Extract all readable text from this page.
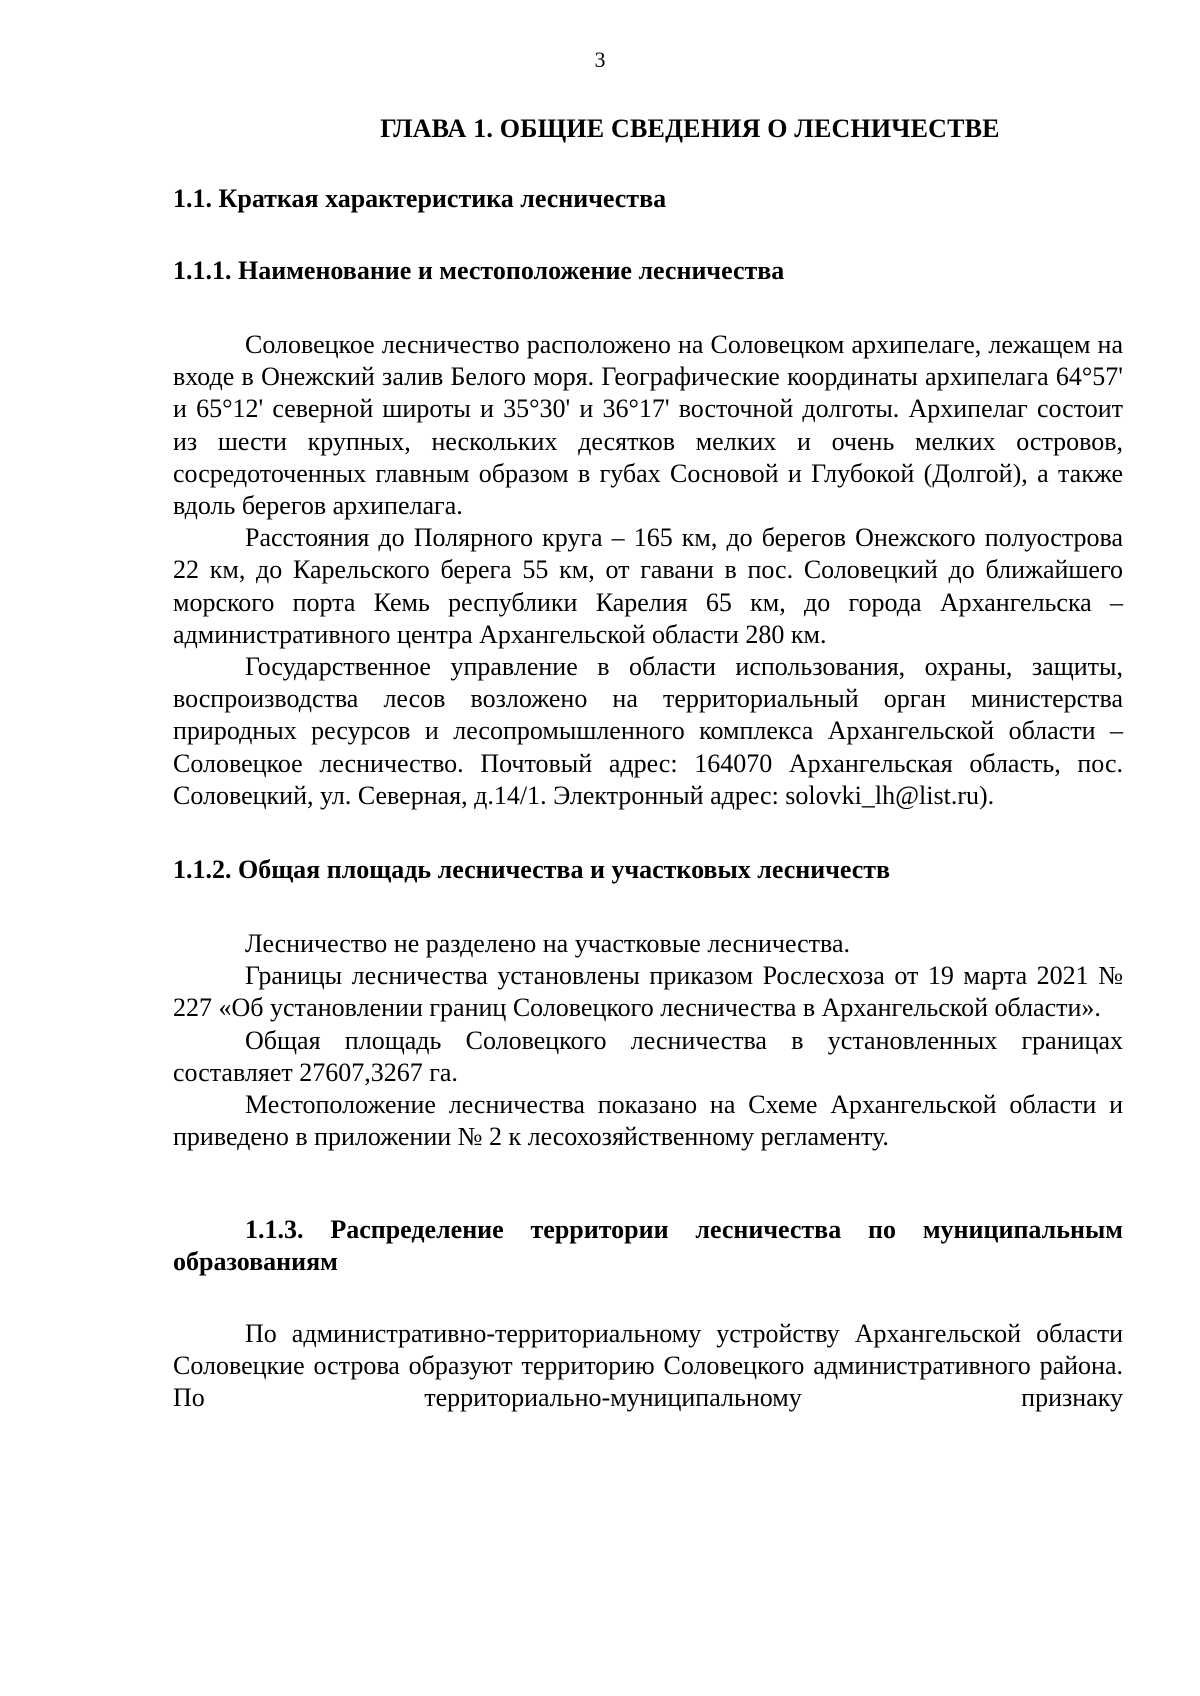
3
ГЛАВА 1. ОБЩИЕ СВЕДЕНИЯ О ЛЕСНИЧЕСТВЕ
1.1. Краткая характеристика лесничества
1.1.1. Наименование и местоположение лесничества

Соловецкое лесничество расположено на Соловецком архипелаге, лежащем на входе в Онежский залив Белого моря. Географические координаты архипелага 64°57' и 65°12' северной широты и 35°30' и 36°17' восточной долготы. Архипелаг состоит из шести крупных, нескольких десятков мелких и очень мелких островов, сосредоточенных главным образом в губах Сосновой и Глубокой (Долгой), а также вдоль берегов архипелага.

Расстояния до Полярного круга – 165 км, до берегов Онежского полуострова 22 км, до Карельского берега 55 км, от гавани в пос. Соловецкий до ближайшего морского порта Кемь республики Карелия 65 км, до города Архангельска – административного центра Архангельской области 280 км.

Государственное управление в области использования, охраны, защиты, воспроизводства лесов возложено на территориальный орган министерства природных ресурсов и лесопромышленного комплекса Архангельской области – Соловецкое лесничество. Почтовый адрес: 164070 Архангельская область, пос. Соловецкий, ул. Северная, д.14/1. Электронный адрес: solovki_lh@list.ru).

1.1.2. Общая площадь лесничества и участковых лесничеств

Лесничество не разделено на участковые лесничества.

Границы лесничества установлены приказом Рослесхоза от 19 марта 2021 № 227 «Об установлении границ Соловецкого лесничества в Архангельской области».

Общая площадь Соловецкого лесничества в установленных границах составляет 27607,3267 га.

Местоположение лесничества показано на Схеме Архангельской области и приведено в приложении № 2 к лесохозяйственному регламенту.

1.1.3. Распределение территории лесничества по муниципальным образованиям

По административно-территориальному устройству Архангельской области Соловецкие острова образуют территорию Соловецкого административного района. По территориально-муниципальному признаку
